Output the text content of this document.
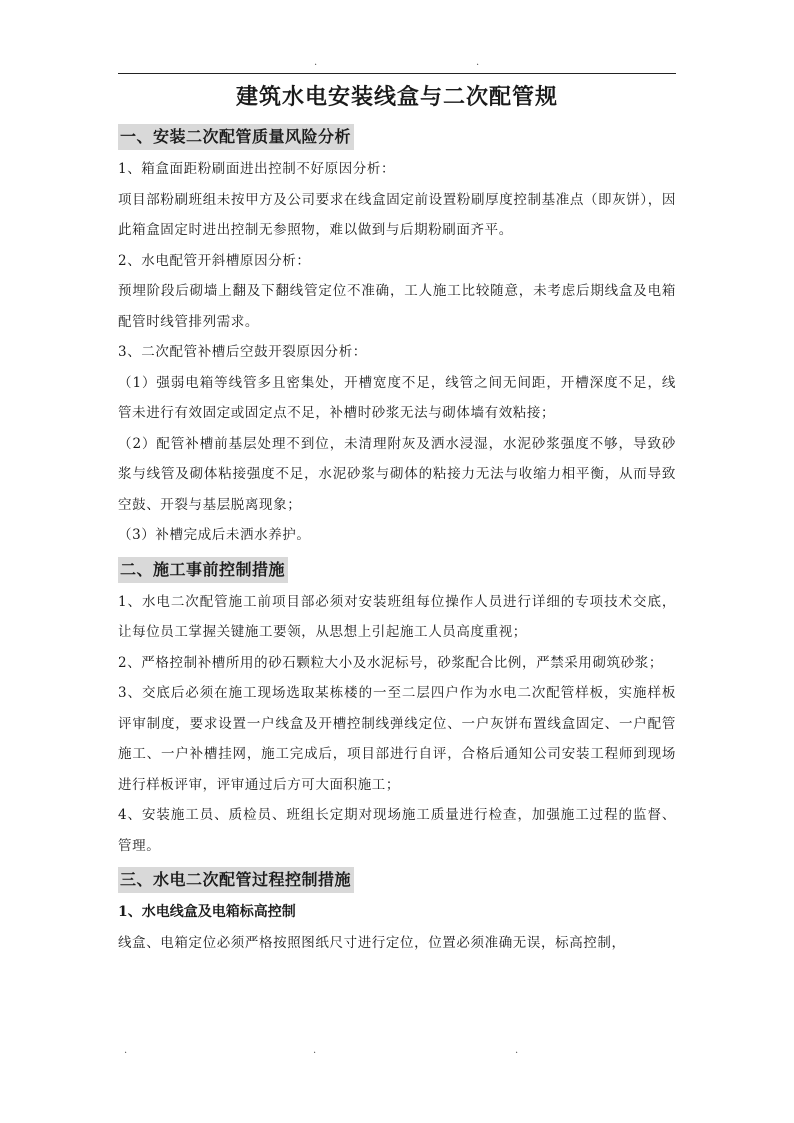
.	.
建筑水电安装线盒与二次配管规
一、安装二次配管质量风险分析
1、箱盒面距粉刷面进出控制不好原因分析：
项目部粉刷班组未按甲方及公司要求在线盒固定前设置粉刷厚度控制基准点（即灰饼），因此箱盒固定时进出控制无参照物，难以做到与后期粉刷面齐平。
2、水电配管开斜槽原因分析：
预埋阶段后砌墙上翻及下翻线管定位不准确，工人施工比较随意，未考虑后期线盒及电箱配管时线管排列需求。
3、二次配管补槽后空鼓开裂原因分析：
（1）强弱电箱等线管多且密集处，开槽宽度不足，线管之间无间距，开槽深度不足，线管未进行有效固定或固定点不足，补槽时砂浆无法与砌体墙有效粘接；
（2）配管补槽前基层处理不到位，未清理附灰及洒水浸湿，水泥砂浆强度不够，导致砂浆与线管及砌体粘接强度不足，水泥砂浆与砌体的粘接力无法与收缩力相平衡，从而导致空鼓、开裂与基层脱离现象；
（3）补槽完成后未洒水养护。
二、施工事前控制措施
1、水电二次配管施工前项目部必须对安装班组每位操作人员进行详细的专项技术交底，让每位员工掌握关键施工要领，从思想上引起施工人员高度重视；
2、严格控制补槽所用的砂石颗粒大小及水泥标号，砂浆配合比例，严禁采用砌筑砂浆；
3、交底后必须在施工现场选取某栋楼的一至二层四户作为水电二次配管样板，实施样板评审制度，要求设置一户线盒及开槽控制线弹线定位、一户灰饼布置线盒固定、一户配管施工、一户补槽挂网，施工完成后，项目部进行自评，合格后通知公司安装工程师到现场进行样板评审，评审通过后方可大面积施工；
4、安装施工员、质检员、班组长定期对现场施工质量进行检查，加强施工过程的监督、管理。
三、水电二次配管过程控制措施
1、水电线盒及电箱标高控制
线盒、电箱定位必须严格按照图纸尺寸进行定位，位置必须准确无误，标高控制，
.	.	.
